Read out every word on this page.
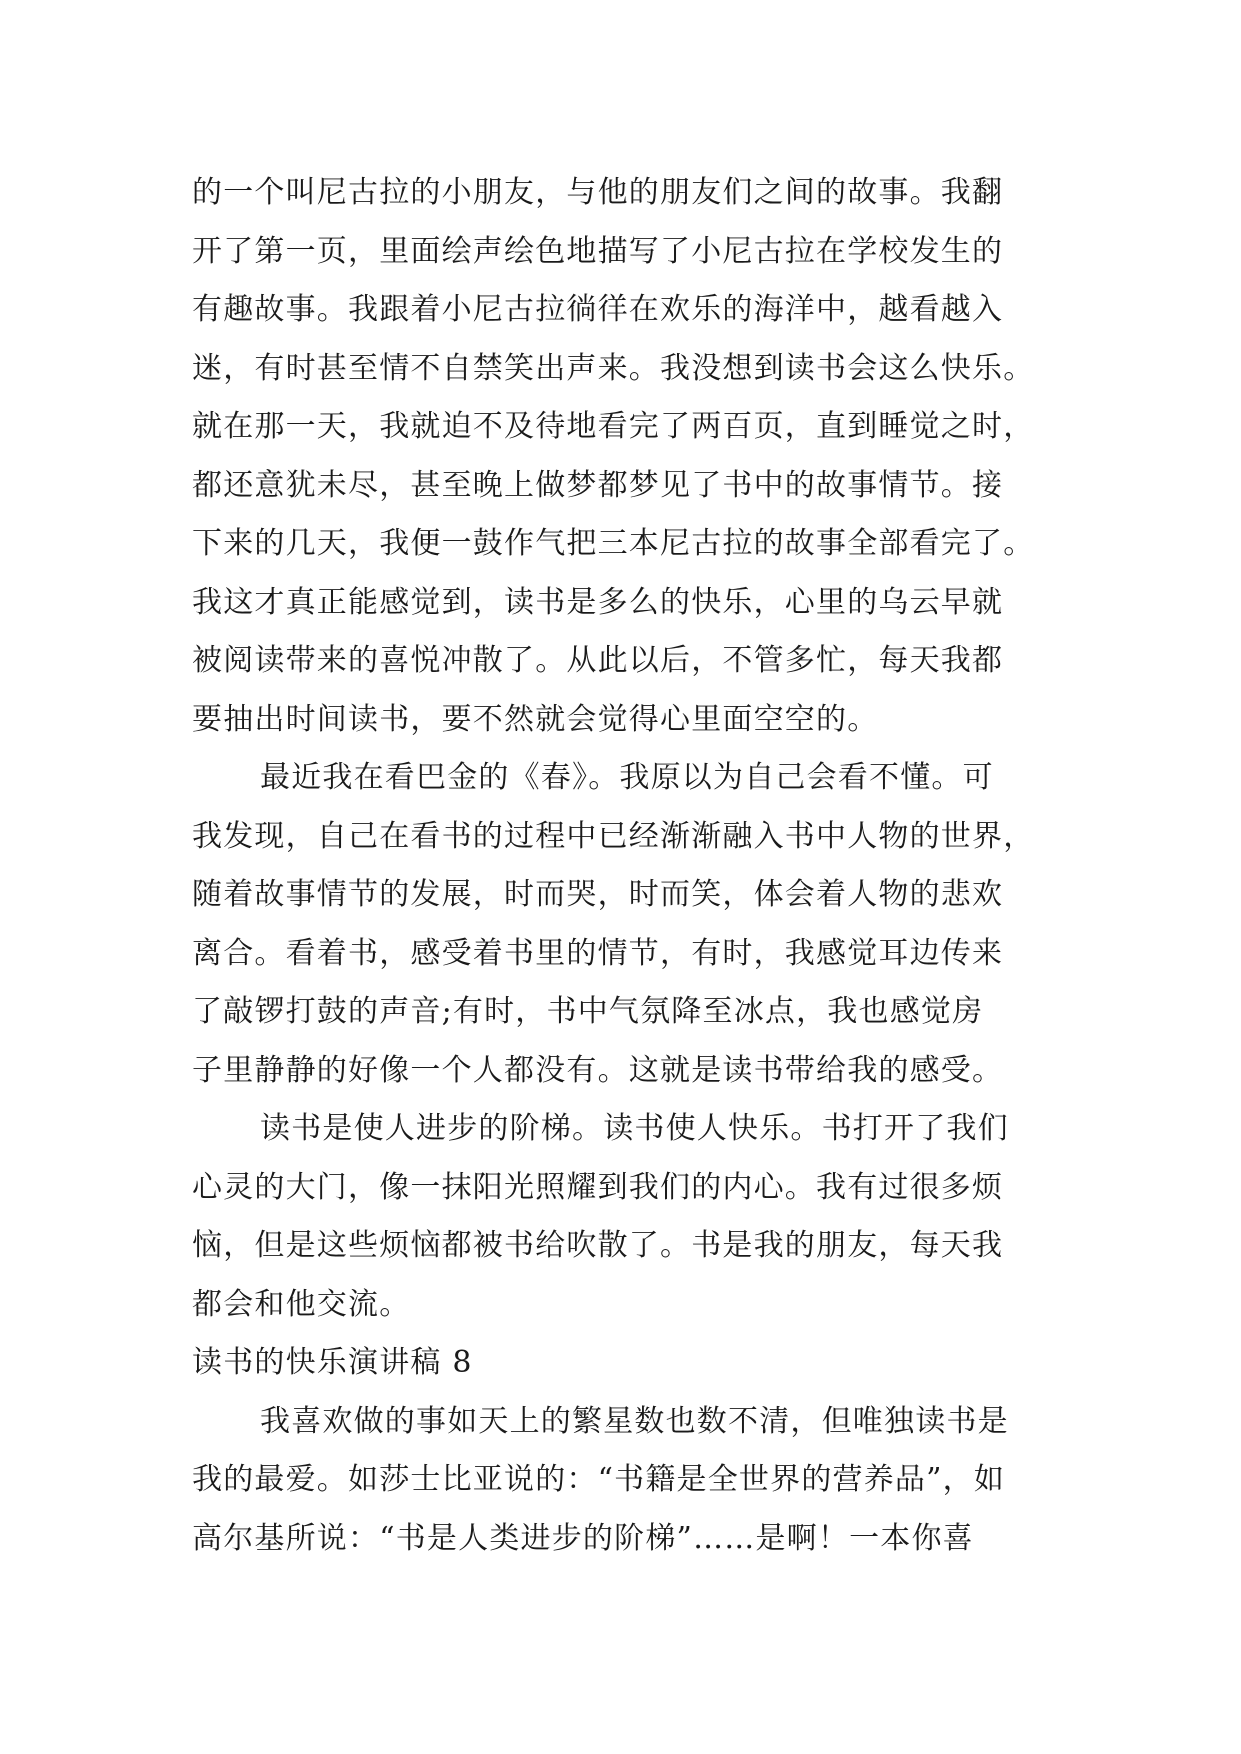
的一个叫尼古拉的小朋友，与他的朋友们之间的故事。我翻
开了第一页，里面绘声绘色地描写了小尼古拉在学校发生的
有趣故事。我跟着小尼古拉徜徉在欢乐的海洋中，越看越入
迷，有时甚至情不自禁笑出声来。我没想到读书会这么快乐。
就在那一天，我就迫不及待地看完了两百页，直到睡觉之时，
都还意犹未尽，甚至晚上做梦都梦见了书中的故事情节。接
下来的几天，我便一鼓作气把三本尼古拉的故事全部看完了。
我这才真正能感觉到，读书是多么的快乐，心里的乌云早就
被阅读带来的喜悦冲散了。从此以后，不管多忙，每天我都
要抽出时间读书，要不然就会觉得心里面空空的。
最近我在看巴金的《春》。我原以为自己会看不懂。可
我发现，自己在看书的过程中已经渐渐融入书中人物的世界，
随着故事情节的发展，时而哭，时而笑，体会着人物的悲欢
离合。看着书，感受着书里的情节，有时，我感觉耳边传来
了敲锣打鼓的声音;有时，书中气氛降至冰点，我也感觉房
子里静静的好像一个人都没有。这就是读书带给我的感受。
读书是使人进步的阶梯。读书使人快乐。书打开了我们
心灵的大门，像一抹阳光照耀到我们的内心。我有过很多烦
恼，但是这些烦恼都被书给吹散了。书是我的朋友，每天我
都会和他交流。
读书的快乐演讲稿 8
我喜欢做的事如天上的繁星数也数不清，但唯独读书是
我的最爱。如莎士比亚说的：“书籍是全世界的营养品”，如
高尔基所说：“书是人类进步的阶梯”……是啊！一本你喜
